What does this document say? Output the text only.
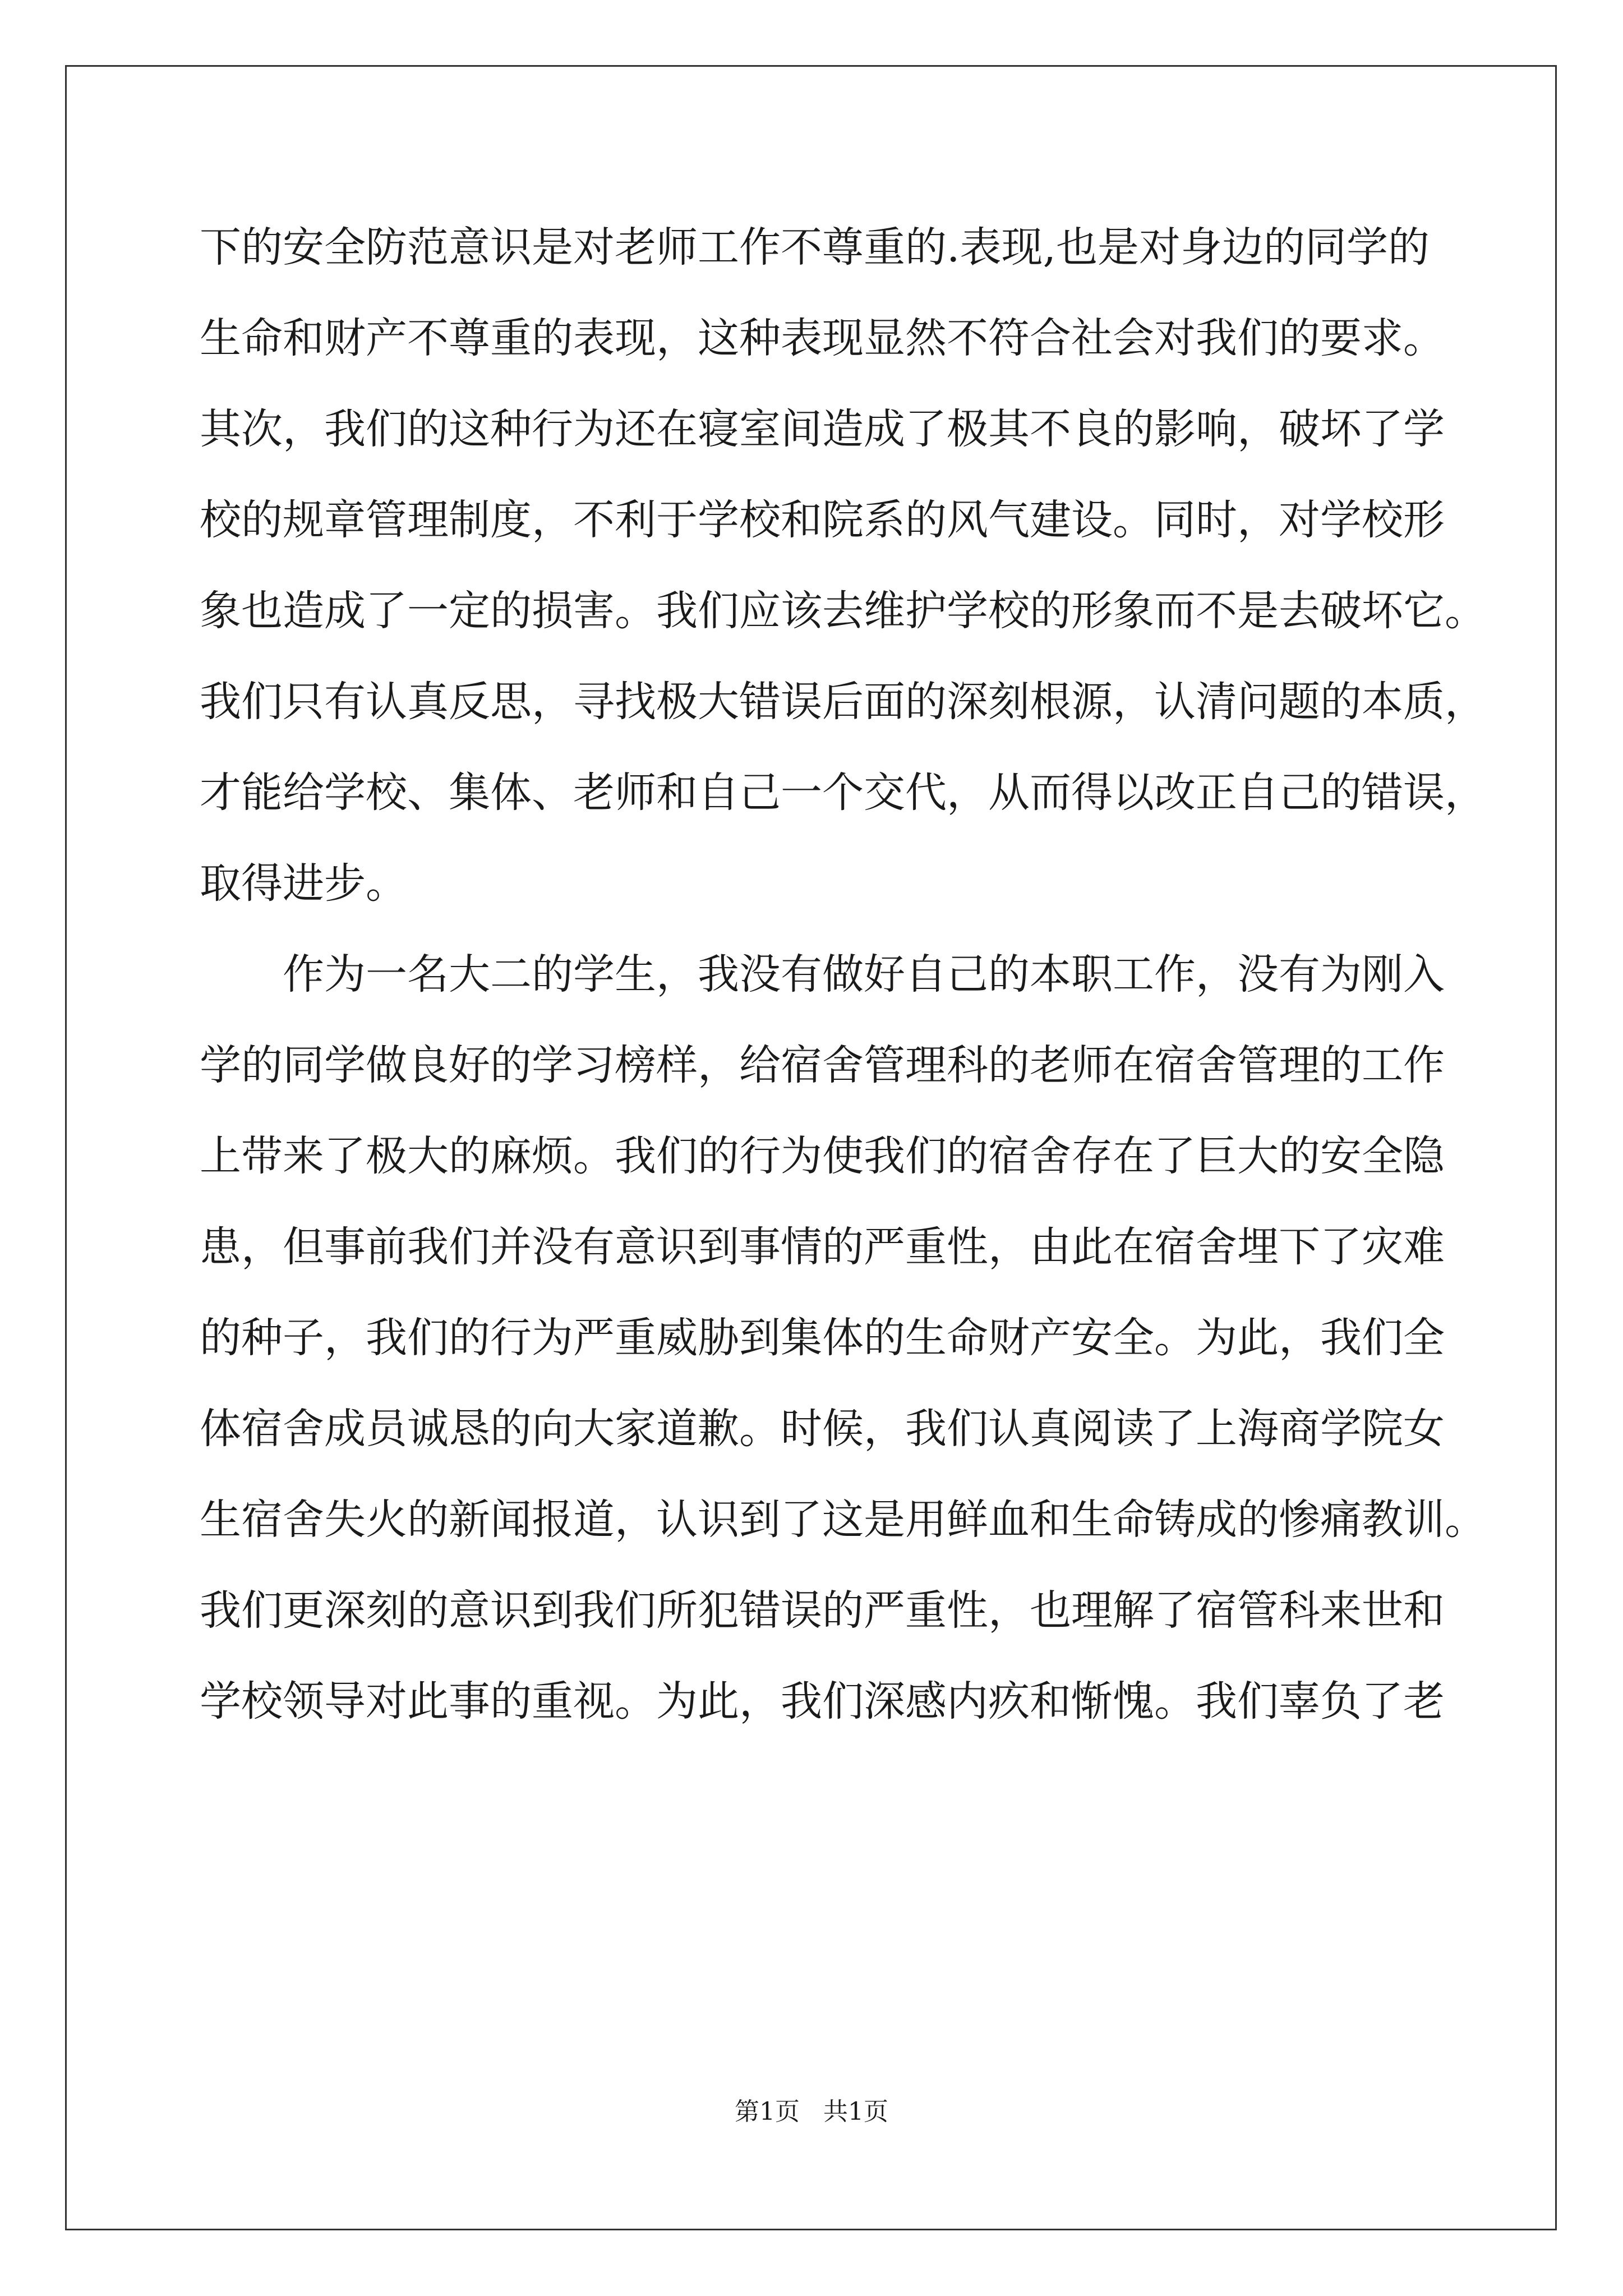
下的安全防范意识是对老师工作不尊重的.表现,也是对身边的同学的
生命和财产不尊重的表现，这种表现显然不符合社会对我们的要求。
其次，我们的这种行为还在寝室间造成了极其不良的影响，破坏了学
校的规章管理制度，不利于学校和院系的风气建设。同时，对学校形
象也造成了一定的损害。我们应该去维护学校的形象而不是去破坏它。
我们只有认真反思，寻找极大错误后面的深刻根源，认清问题的本质，
才能给学校、集体、老师和自己一个交代，从而得以改正自己的错误，
取得进步。
作为一名大二的学生，我没有做好自己的本职工作，没有为刚入
学的同学做良好的学习榜样，给宿舍管理科的老师在宿舍管理的工作
上带来了极大的麻烦。我们的行为使我们的宿舍存在了巨大的安全隐
患，但事前我们并没有意识到事情的严重性，由此在宿舍埋下了灾难
的种子，我们的行为严重威胁到集体的生命财产安全。为此，我们全
体宿舍成员诚恳的向大家道歉。时候，我们认真阅读了上海商学院女
生宿舍失火的新闻报道，认识到了这是用鲜血和生命铸成的惨痛教训。
我们更深刻的意识到我们所犯错误的严重性，也理解了宿管科来世和
学校领导对此事的重视。为此，我们深感内疚和惭愧。我们辜负了老
第1页   共1页
